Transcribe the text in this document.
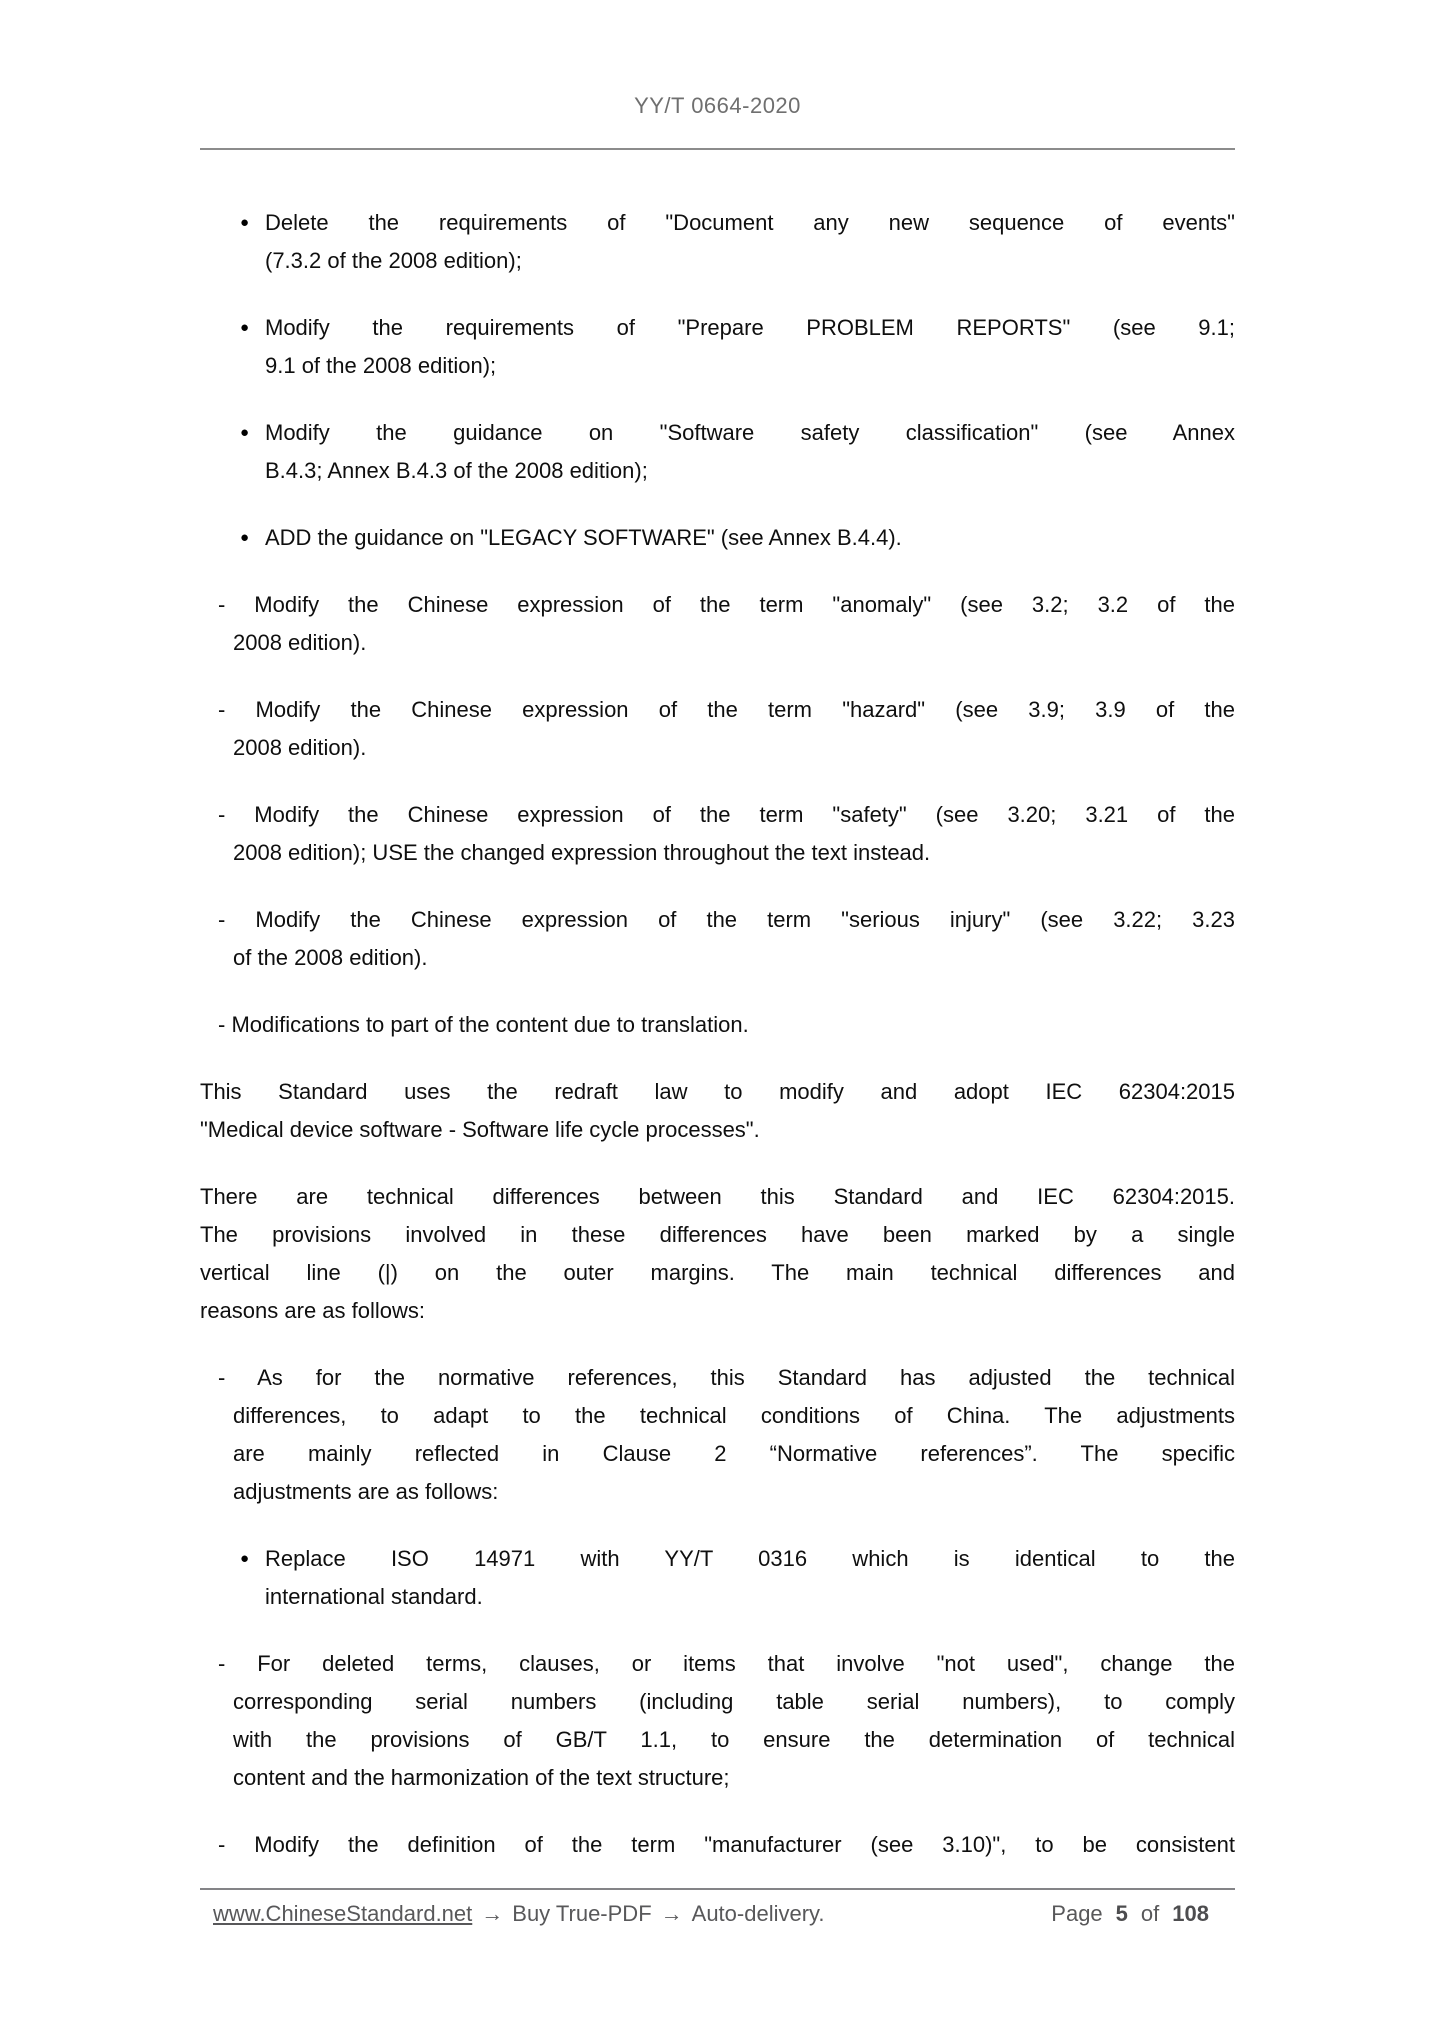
YY/T 0664-2020
● Delete the requirements of "Document any new sequence of events"
(7.3.2 of the 2008 edition);
● Modify the requirements of "Prepare PROBLEM REPORTS" (see 9.1;
9.1 of the 2008 edition);
● Modify the guidance on "Software safety classification" (see Annex
B.4.3; Annex B.4.3 of the 2008 edition);
● ADD the guidance on "LEGACY SOFTWARE" (see Annex B.4.4).
- Modify the Chinese expression of the term "anomaly" (see 3.2; 3.2 of the
2008 edition).
- Modify the Chinese expression of the term "hazard" (see 3.9; 3.9 of the
2008 edition).
- Modify the Chinese expression of the term "safety" (see 3.20; 3.21 of the
2008 edition); USE the changed expression throughout the text instead.
- Modify the Chinese expression of the term "serious injury" (see 3.22; 3.23
of the 2008 edition).
- Modifications to part of the content due to translation.
This Standard uses the redraft law to modify and adopt IEC 62304:2015
"Medical device software - Software life cycle processes".
There are technical differences between this Standard and IEC 62304:2015.
The provisions involved in these differences have been marked by a single
vertical line (|) on the outer margins. The main technical differences and
reasons are as follows:
- As for the normative references, this Standard has adjusted the technical
differences, to adapt to the technical conditions of China. The adjustments
are mainly reflected in Clause 2 “Normative references”. The specific
adjustments are as follows:
● Replace ISO 14971 with YY/T 0316 which is identical to the
international standard.
- For deleted terms, clauses, or items that involve "not used", change the
corresponding serial numbers (including table serial numbers), to comply
with the provisions of GB/T 1.1, to ensure the determination of technical
content and the harmonization of the text structure;
- Modify the definition of the term "manufacturer (see 3.10)", to be consistent
www.ChineseStandard.net → Buy True-PDF → Auto-delivery.	Page 5 of 108
